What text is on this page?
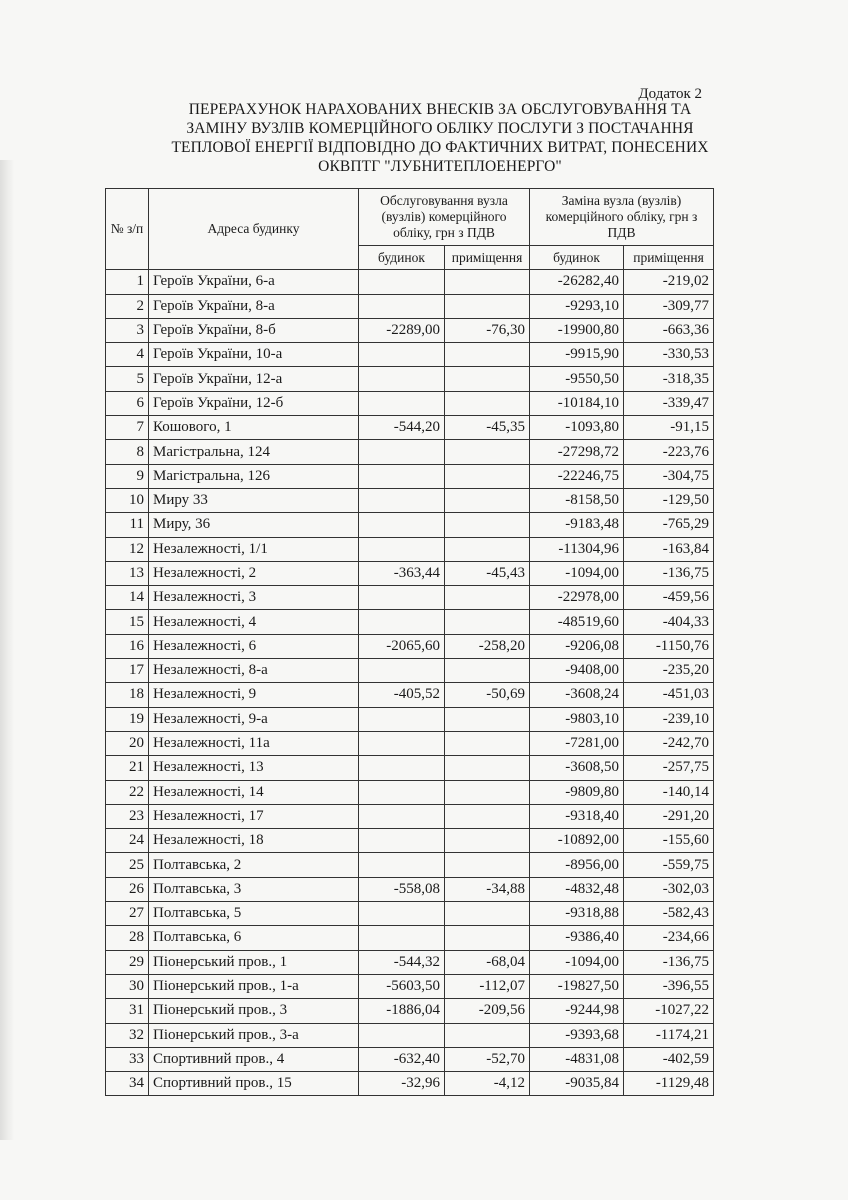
Додаток 2
ПЕРЕРАХУНОК НАРАХОВАНИХ ВНЕСКІВ ЗА ОБСЛУГОВУВАННЯ ТА
ЗАМІНУ ВУЗЛІВ КОМЕРЦІЙНОГО ОБЛІКУ ПОСЛУГИ З ПОСТАЧАННЯ
ТЕПЛОВОЇ ЕНЕРГІЇ ВІДПОВІДНО ДО ФАКТИЧНИХ ВИТРАТ, ПОНЕСЕНИХ
ОКВПТГ "ЛУБНИТЕПЛОЕНЕРГО"
№ з/п	Адреса будинку	Обслуговування вузла (вузлів) комерційного обліку, грн з ПДВ		Заміна вузла (вузлів) комерційного обліку, грн з ПДВ	
		будинок	приміщення	будинок	приміщення
1	Героїв України, 6-а			-26282,40	-219,02
2	Героїв України, 8-а			-9293,10	-309,77
3	Героїв України, 8-б	-2289,00	-76,30	-19900,80	-663,36
4	Героїв України, 10-а			-9915,90	-330,53
5	Героїв України, 12-а			-9550,50	-318,35
6	Героїв України, 12-б			-10184,10	-339,47
7	Кошового, 1	-544,20	-45,35	-1093,80	-91,15
8	Магістральна, 124			-27298,72	-223,76
9	Магістральна, 126			-22246,75	-304,75
10	Миру 33			-8158,50	-129,50
11	Миру, 36			-9183,48	-765,29
12	Незалежності, 1/1			-11304,96	-163,84
13	Незалежності, 2	-363,44	-45,43	-1094,00	-136,75
14	Незалежності, 3			-22978,00	-459,56
15	Незалежності, 4			-48519,60	-404,33
16	Незалежності, 6	-2065,60	-258,20	-9206,08	-1150,76
17	Незалежності, 8-а			-9408,00	-235,20
18	Незалежності, 9	-405,52	-50,69	-3608,24	-451,03
19	Незалежності, 9-а			-9803,10	-239,10
20	Незалежності, 11а			-7281,00	-242,70
21	Незалежності, 13			-3608,50	-257,75
22	Незалежності, 14			-9809,80	-140,14
23	Незалежності, 17			-9318,40	-291,20
24	Незалежності, 18			-10892,00	-155,60
25	Полтавська, 2			-8956,00	-559,75
26	Полтавська, 3	-558,08	-34,88	-4832,48	-302,03
27	Полтавська, 5			-9318,88	-582,43
28	Полтавська, 6			-9386,40	-234,66
29	Піонерський пров., 1	-544,32	-68,04	-1094,00	-136,75
30	Піонерський пров., 1-а	-5603,50	-112,07	-19827,50	-396,55
31	Піонерський пров., 3	-1886,04	-209,56	-9244,98	-1027,22
32	Піонерський пров., 3-а			-9393,68	-1174,21
33	Спортивний пров., 4	-632,40	-52,70	-4831,08	-402,59
34	Спортивний пров., 15	-32,96	-4,12	-9035,84	-1129,48
